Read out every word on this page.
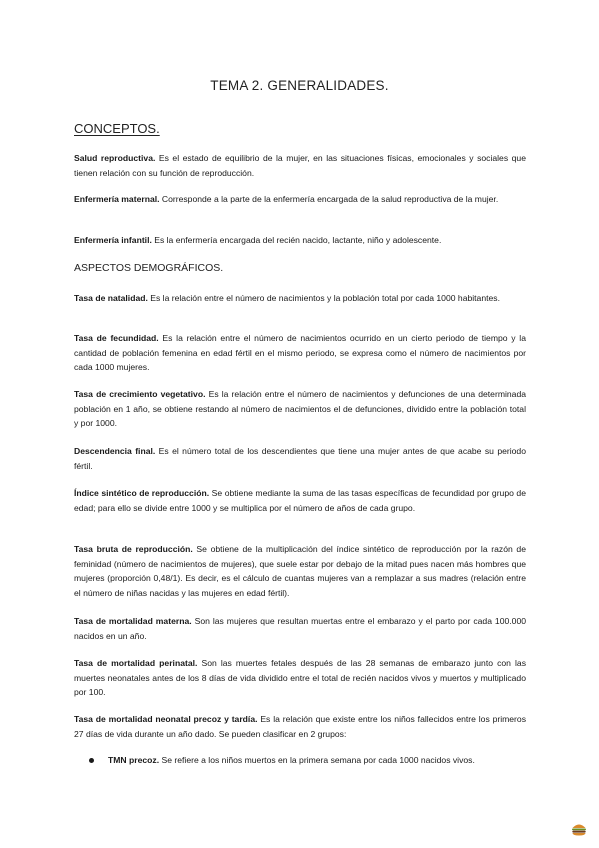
TEMA 2. GENERALIDADES.
CONCEPTOS.
Salud reproductiva. Es el estado de equilibrio de la mujer, en las situaciones físicas, emocionales y sociales que tienen relación con su función de reproducción.
Enfermería maternal. Corresponde a la parte de la enfermería encargada de la salud reproductiva de la mujer.
Enfermería infantil. Es la enfermería encargada del recién nacido, lactante, niño y adolescente.
ASPECTOS DEMOGRÁFICOS.
Tasa de natalidad. Es la relación entre el número de nacimientos y la población total por cada 1000 habitantes.
Tasa de fecundidad. Es la relación entre el número de nacimientos ocurrido en un cierto periodo de tiempo y la cantidad de población femenina en edad fértil en el mismo periodo, se expresa como el número de nacimientos por cada 1000 mujeres.
Tasa de crecimiento vegetativo. Es la relación entre el número de nacimientos y defunciones de una determinada población en 1 año, se obtiene restando al número de nacimientos el de defunciones, dividido entre la población total y por 1000.
Descendencia final. Es el número total de los descendientes que tiene una mujer antes de que acabe su periodo fértil.
Índice sintético de reproducción. Se obtiene mediante la suma de las tasas específicas de fecundidad por grupo de edad; para ello se divide entre 1000 y se multiplica por el número de años de cada grupo.
Tasa bruta de reproducción. Se obtiene de la multiplicación del índice sintético de reproducción por la razón de feminidad (número de nacimientos de mujeres), que suele estar por debajo de la mitad pues nacen más hombres que mujeres (proporción 0,48/1). Es decir, es el cálculo de cuantas mujeres van a remplazar a sus madres (relación entre el número de niñas nacidas y las mujeres en edad fértil).
Tasa de mortalidad materna. Son las mujeres que resultan muertas entre el embarazo y el parto por cada 100.000 nacidos en un año.
Tasa de mortalidad perinatal. Son las muertes fetales después de las 28 semanas de embarazo junto con las muertes neonatales antes de los 8 días de vida dividido entre el total de recién nacidos vivos y muertos y multiplicado por 100.
Tasa de mortalidad neonatal precoz y tardía. Es la relación que existe entre los niños fallecidos entre los primeros 27 días de vida durante un año dado. Se pueden clasificar en 2 grupos:
TMN precoz. Se refiere a los niños muertos en la primera semana por cada 1000 nacidos vivos.
